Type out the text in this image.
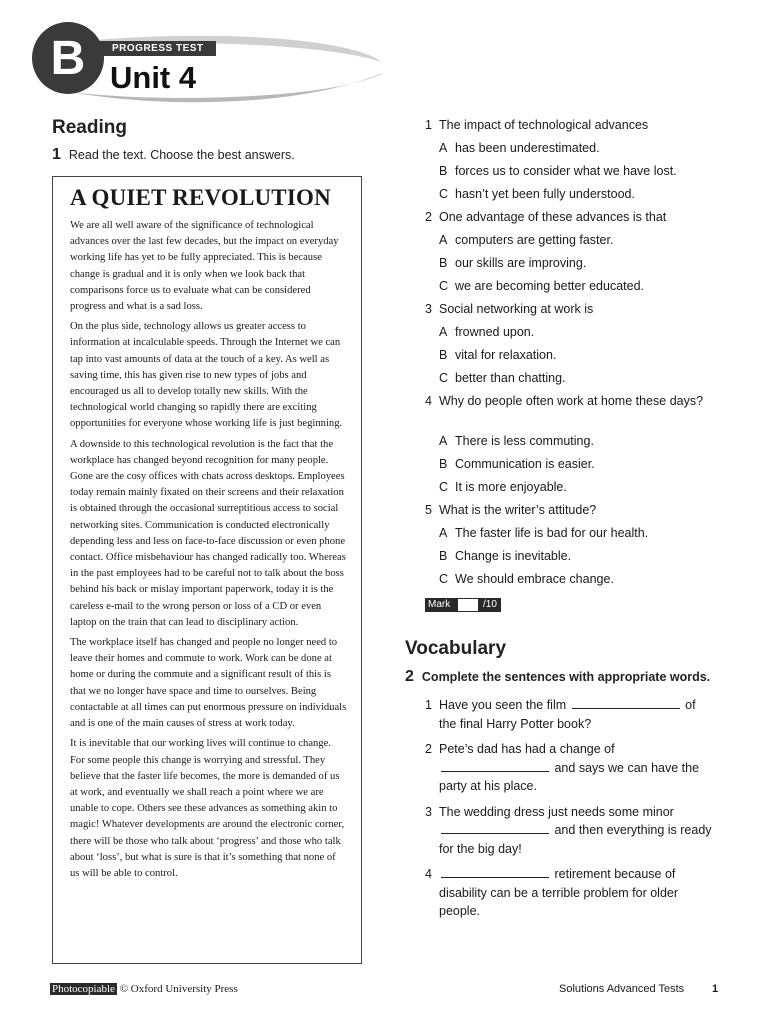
B	PROGRESS TEST
Unit 4
Reading
1 Read the text. Choose the best answers.
A QUIET REVOLUTION

We are all well aware of the significance of technological advances over the last few decades, but the impact on everyday working life has yet to be fully appreciated. This is because change is gradual and it is only when we look back that comparisons force us to evaluate what can be considered progress and what is a sad loss.

On the plus side, technology allows us greater access to information at incalculable speeds. Through the Internet we can tap into vast amounts of data at the touch of a key. As well as saving time, this has given rise to new types of jobs and encouraged us all to develop totally new skills. With the technological world changing so rapidly there are exciting opportunities for everyone whose working life is just beginning.

A downside to this technological revolution is the fact that the workplace has changed beyond recognition for many people. Gone are the cosy offices with chats across desktops. Employees today remain mainly fixated on their screens and their relaxation is obtained through the occasional surreptitious access to social networking sites. Communication is conducted electronically depending less and less on face-to-face discussion or even phone contact. Office misbehaviour has changed radically too. Whereas in the past employees had to be careful not to talk about the boss behind his back or mislay important paperwork, today it is the careless e-mail to the wrong person or loss of a CD or even laptop on the train that can lead to disciplinary action.

The workplace itself has changed and people no longer need to leave their homes and commute to work. Work can be done at home or during the commute and a significant result of this is that we no longer have space and time to ourselves. Being contactable at all times can put enormous pressure on individuals and is one of the main causes of stress at work today.

It is inevitable that our working lives will continue to change. For some people this change is worrying and stressful. They believe that the faster life becomes, the more is demanded of us at work, and eventually we shall reach a point where we are unable to cope. Others see these advances as something akin to magic! Whatever developments are around the electronic corner, there will be those who talk about ‘progress’ and those who talk about ‘loss’, but what is sure is that it’s something that none of us will be able to control.

1 The impact of technological advances
A has been underestimated.
B forces us to consider what we have lost.
C hasn’t yet been fully understood.
2 One advantage of these advances is that
A computers are getting faster.
B our skills are improving.
C we are becoming better educated.
3 Social networking at work is
A frowned upon.
B vital for relaxation.
C better than chatting.
4 Why do people often work at home these days?
A There is less commuting.
B Communication is easier.
C It is more enjoyable.
5 What is the writer’s attitude?
A The faster life is bad for our health.
B Change is inevitable.
C We should embrace change.
Mark	/10
Vocabulary
2 Complete the sentences with appropriate words.
1 Have you seen the film	of the final Harry Potter book?
2 Pete’s dad has had a change of  and says we can have the party at his place.
3 The wedding dress just needs some minor  and then everything is ready for the big day!
4	retirement because of disability can be a terrible problem for older people.
Photocopiable © Oxford University Press	Solutions Advanced Tests	1
